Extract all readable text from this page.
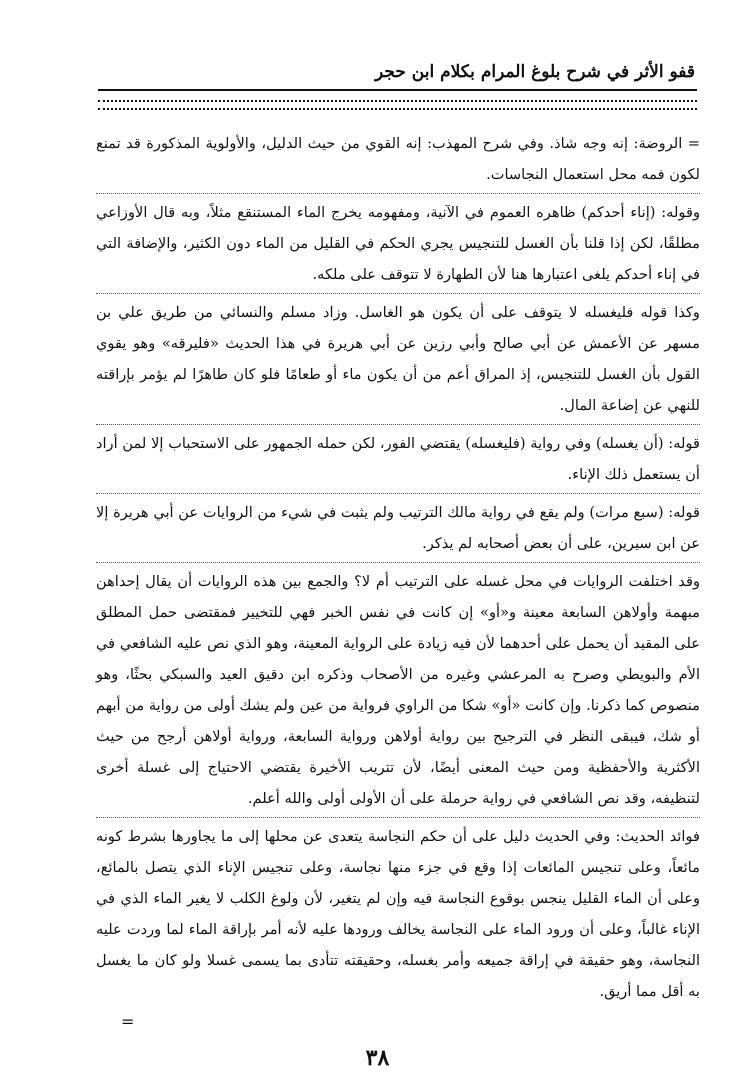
قفو الأثر في شرح بلوغ المرام بكلام ابن حجر

= الروضة: إنه وجه شاذ. وفي شرح المهذب: إنه القوي من حيث الدليل، والأولوية المذكورة قد تمنع لكون فمه محل استعمال النجاسات.

وقوله: (إناء أحدكم) ظاهره العموم في الآنية، ومفهومه يخرج الماء المستنقع مثلاً، وبه قال الأوزاعي مطلقًا، لكن إذا قلنا بأن الغسل للتنجيس يجري الحكم في القليل من الماء دون الكثير، والإضافة التي في إناء أحدكم يلغى اعتبارها هنا لأن الطهارة لا تتوقف على ملكه.

وكذا قوله فليغسله لا يتوقف على أن يكون هو الغاسل. وزاد مسلم والنسائي من طريق علي بن مسهر عن الأعمش عن أبي صالح وأبي رزين عن أبي هريرة في هذا الحديث «فليرقه» وهو يقوي القول بأن الغسل للتنجيس، إذ المراق أعم من أن يكون ماء أو طعامًا فلو كان طاهرًا لم يؤمر بإراقته للنهي عن إضاعة المال.

قوله: (أن يغسله) وفي رواية (فليغسله) يقتضي الفور، لكن حمله الجمهور على الاستحباب إلا لمن أراد أن يستعمل ذلك الإناء.

قوله: (سبع مرات) ولم يقع في رواية مالك الترتيب ولم يثبت في شيء من الروايات عن أبي هريرة إلا عن ابن سيرين، على أن بعض أصحابه لم يذكر.

وقد اختلفت الروايات في محل غسله على الترتيب أم لا؟ والجمع بين هذه الروايات أن يقال إحداهن مبهمة وأولاهن السابعة معينة و«أو» إن كانت في نفس الخبر فهي للتخيير فمقتضى حمل المطلق على المقيد أن يحمل على أحدهما لأن فيه زيادة على الرواية المعينة، وهو الذي نص عليه الشافعي في الأم والبويطي وصرح به المرعشي وغيره من الأصحاب وذكره ابن دقيق العيد والسبكي بحثًا، وهو منصوص كما ذكرنا. وإن كانت «أو» شكا من الراوي فرواية من عين ولم يشك أولى من رواية من أبهم أو شك، فيبقى النظر في الترجيح بين رواية أولاهن ورواية السابعة، ورواية أولاهن أرجح من حيث الأكثرية والأحفظية ومن حيث المعنى أيضًا، لأن تتريب الأخيرة يقتضي الاحتياج إلى غسلة أخرى لتنظيفه، وقد نص الشافعي في رواية حرملة على أن الأولى أولى والله أعلم.

فوائد الحديث: وفي الحديث دليل على أن حكم النجاسة يتعدى عن محلها إلى ما يجاورها بشرط كونه مائعاً، وعلى تنجيس المائعات إذا وقع في جزء منها نجاسة، وعلى تنجيس الإناء الذي يتصل بالمائع، وعلى أن الماء القليل ينجس بوقوع النجاسة فيه وإن لم يتغير، لأن ولوغ الكلب لا يغير الماء الذي في الإناء غالباً، وعلى أن ورود الماء على النجاسة يخالف ورودها عليه لأنه أمر بإراقة الماء لما وردت عليه النجاسة، وهو حقيقة في إراقة جميعه وأمر بغسله، وحقيقته تتأدى بما يسمى غسلا ولو كان ما يغسل به أقل مما أريق.

=
٣٨
